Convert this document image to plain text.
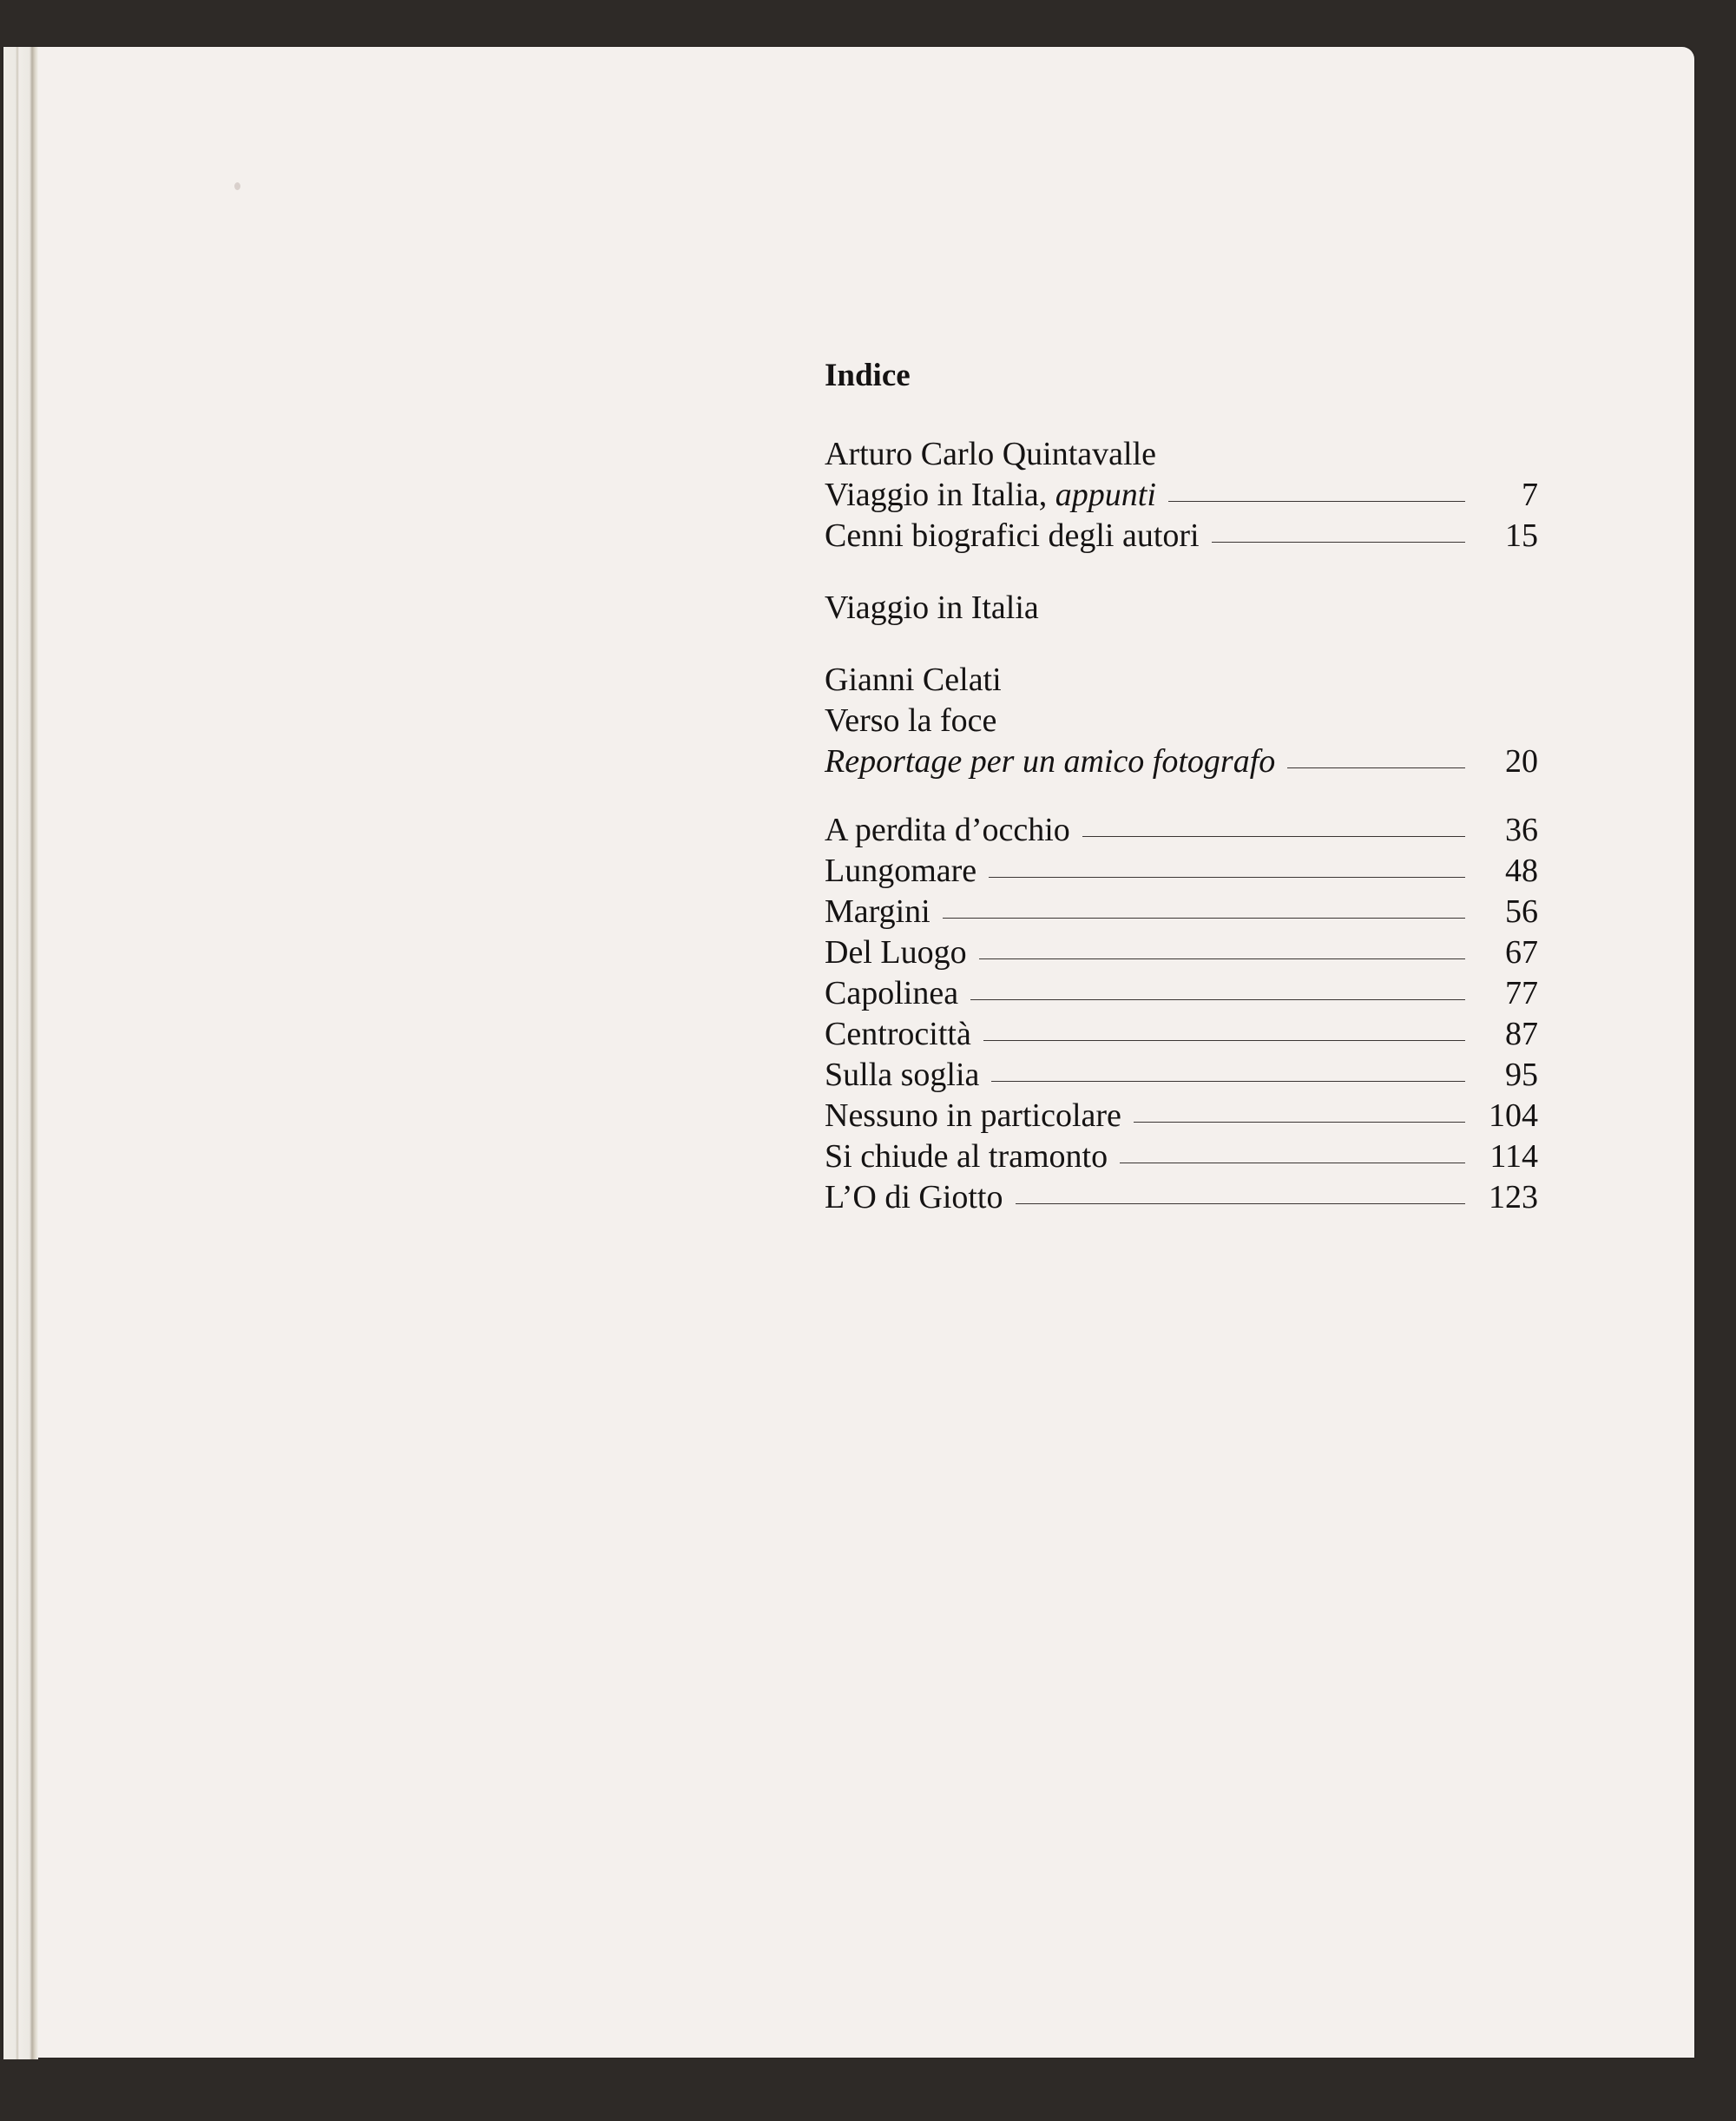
Indice
Arturo Carlo Quintavalle
Viaggio in Italia, appunti	7
Cenni biografici degli autori	15
Viaggio in Italia
Gianni Celati
Verso la foce
Reportage per un amico fotografo	20
A perdita d’occhio	36
Lungomare	48
Margini	56
Del Luogo	67
Capolinea	77
Centrocittà	87
Sulla soglia	95
Nessuno in particolare	104
Si chiude al tramonto	114
L’O di Giotto	123
